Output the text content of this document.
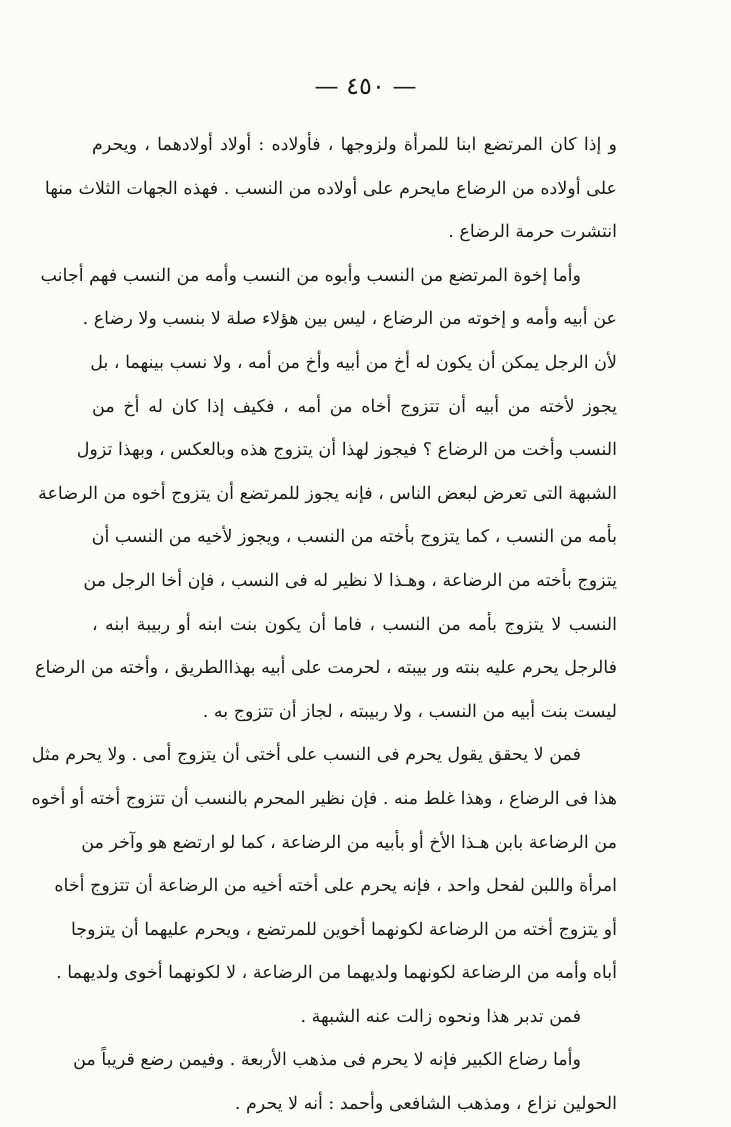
— ٤٥٠ —
و إذا كان المرتضع ابنا للمرأة ولزوجها ، فأولاده : أولاد أولادهما ، ويحرم
على أولاده من الرضاع مايحرم على أولاده من النسب . فهذه الجهات الثلاث منها
انتشرت حرمة الرضاع .
وأما إخوة المرتضع من النسب وأبوه من النسب وأمه من النسب فهم أجانب
عن أبيه وأمه و إخوته من الرضاع ، ليس بين هؤلاء صلة لا بنسب ولا رضاع .
لأن الرجل يمكن أن يكون له أخ من أبيه وأخ من أمه ، ولا نسب بينهما ، بل
يجوز لأخته من أبيه أن تتزوج أخاه من أمه ، فكيف إذا كان له أخ من
النسب وأخت من الرضاع ؟ فيجوز لهذا أن يتزوج هذه وبالعكس ، وبهذا تزول
الشبهة التى تعرض لبعض الناس ، فإنه يجوز للمرتضع أن يتزوج أخوه من الرضاعة
بأمه من النسب ، كما يتزوج بأخته من النسب ، ويجوز لأخيه من النسب أن
يتزوج بأخته من الرضاعة ، وهـذا لا نظير له فى النسب ، فإن أخا الرجل من
النسب لا يتزوج بأمه من النسب ، فاما أن يكون بنت ابنه أو ربيبة ابنه ،
فالرجل يحرم عليه بنته ور بيبته ، لحرمت على أبيه بهذاالطريق ، وأخته من الرضاع
ليست بنت أبيه من النسب ، ولا ربيبته ، لجاز أن تتزوج به .
فمن لا يحقق يقول يحرم فى النسب على أختى أن يتزوج أمى . ولا يحرم مثل
هذا فى الرضاع ، وهذا غلط منه . فإن نظير المحرم بالنسب أن تتزوج أخته أو أخوه
من الرضاعة بابن هـذا الأخ أو بأبيه من الرضاعة ، كما لو ارتضع هو وآخر من
امرأة واللبن لفحل واحد ، فإنه يحرم على أخته أخيه من الرضاعة أن تتزوج أخاه
أو يتزوج أخته من الرضاعة لكونهما أخوين للمرتضع ، ويحرم عليهما أن يتزوجا
أباه وأمه من الرضاعة لكونهما ولديهما من الرضاعة ، لا لكونهما أخوى ولديهما .
فمن تدبر هذا ونحوه زالت عنه الشبهة .
وأما رضاع الكبير فإنه لا يحرم فى مذهب الأربعة . وفيمن رضع قريباً من
الحولين نزاع ، ومذهب الشافعى وأحمد : أنه لا يحرم .
